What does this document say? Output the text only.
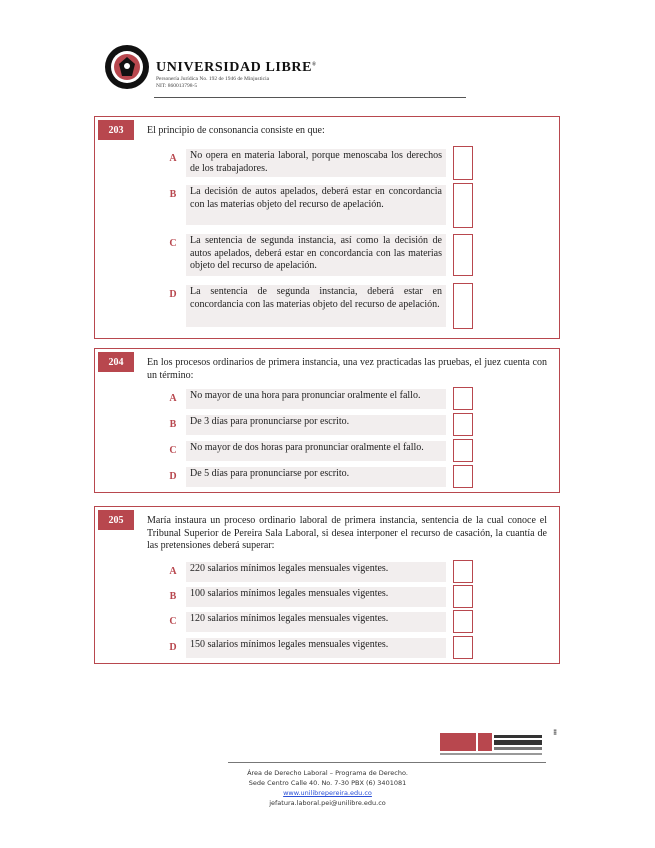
UNIVERSIDAD LIBRE®
Personería Jurídica No. 192 de 1946 de Minjusticia
NIT: 860013798-5
203	El principio de consonancia consiste en que:
A	No opera en materia laboral, porque menoscaba los derechos de los trabajadores.
B	La decisión de autos apelados, deberá estar en concordancia con las materias objeto del recurso de apelación.
C	La sentencia de segunda instancia, así como la decisión de autos apelados, deberá estar en concordancia con las materias objeto del recurso de apelación.
D	La sentencia de segunda instancia, deberá estar en concordancia con las materias objeto del recurso de apelación.
204	En los procesos ordinarios de primera instancia, una vez practicadas las pruebas, el juez cuenta con un término:
A	No mayor de una hora para pronunciar oralmente el fallo.
B	De 3 días para pronunciarse por escrito.
C	No mayor de dos horas para pronunciar oralmente el fallo.
D	De 5 días para pronunciarse por escrito.
205	María instaura un proceso ordinario laboral de primera instancia, sentencia de la cual conoce el Tribunal Superior de Pereira Sala Laboral, si desea interponer el recurso de casación, la cuantía de las pretensiones deberá superar:
A	220 salarios mínimos legales mensuales vigentes.
B	100 salarios mínimos legales mensuales vigentes.
C	120 salarios mínimos legales mensuales vigentes.
D	150 salarios mínimos legales mensuales vigentes.
▮▮▮
Área de Derecho Laboral – Programa de Derecho.
Sede Centro Calle 40. No. 7-30 PBX (6) 3401081
www.unilibrepereira.edu.co
jefatura.laboral.pei@unilibre.edu.co
